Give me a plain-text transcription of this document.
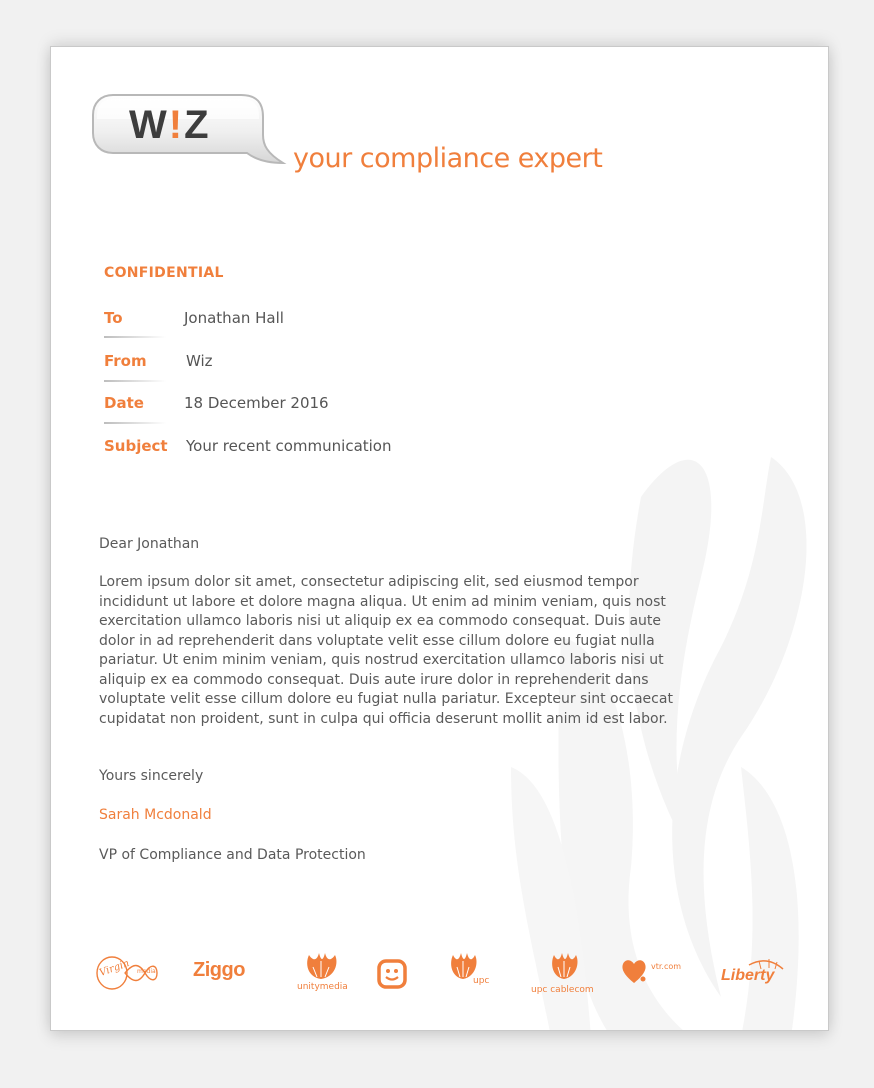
W!Z
your compliance expert
CONFIDENTIAL
To	Jonathan Hall
From	Wiz
Date	18 December 2016
Subject Your recent communication
Dear Jonathan
Lorem ipsum dolor sit amet, consectetur adipiscing elit, sed eiusmod tempor incididunt ut labore et dolore magna aliqua. Ut enim ad minim veniam, quis nost exercitation ullamco laboris nisi ut aliquip ex ea commodo consequat. Duis aute dolor in ad reprehenderit dans voluptate velit esse cillum dolore eu fugiat nulla pariatur. Ut enim minim veniam, quis nostrud exercitation ullamco laboris nisi ut aliquip ex ea commodo consequat. Duis aute irure dolor in reprehenderit dans voluptate velit esse cillum dolore eu fugiat nulla pariatur. Excepteur sint occaecat cupidatat non proident, sunt in culpa qui officia deserunt mollit anim id est labor.
Yours sincerely
Sarah Mcdonald
VP of Compliance and Data Protection
Virgin media Ziggo
unitymedia
upc
upc cablecom
vtr.com
Liberty
